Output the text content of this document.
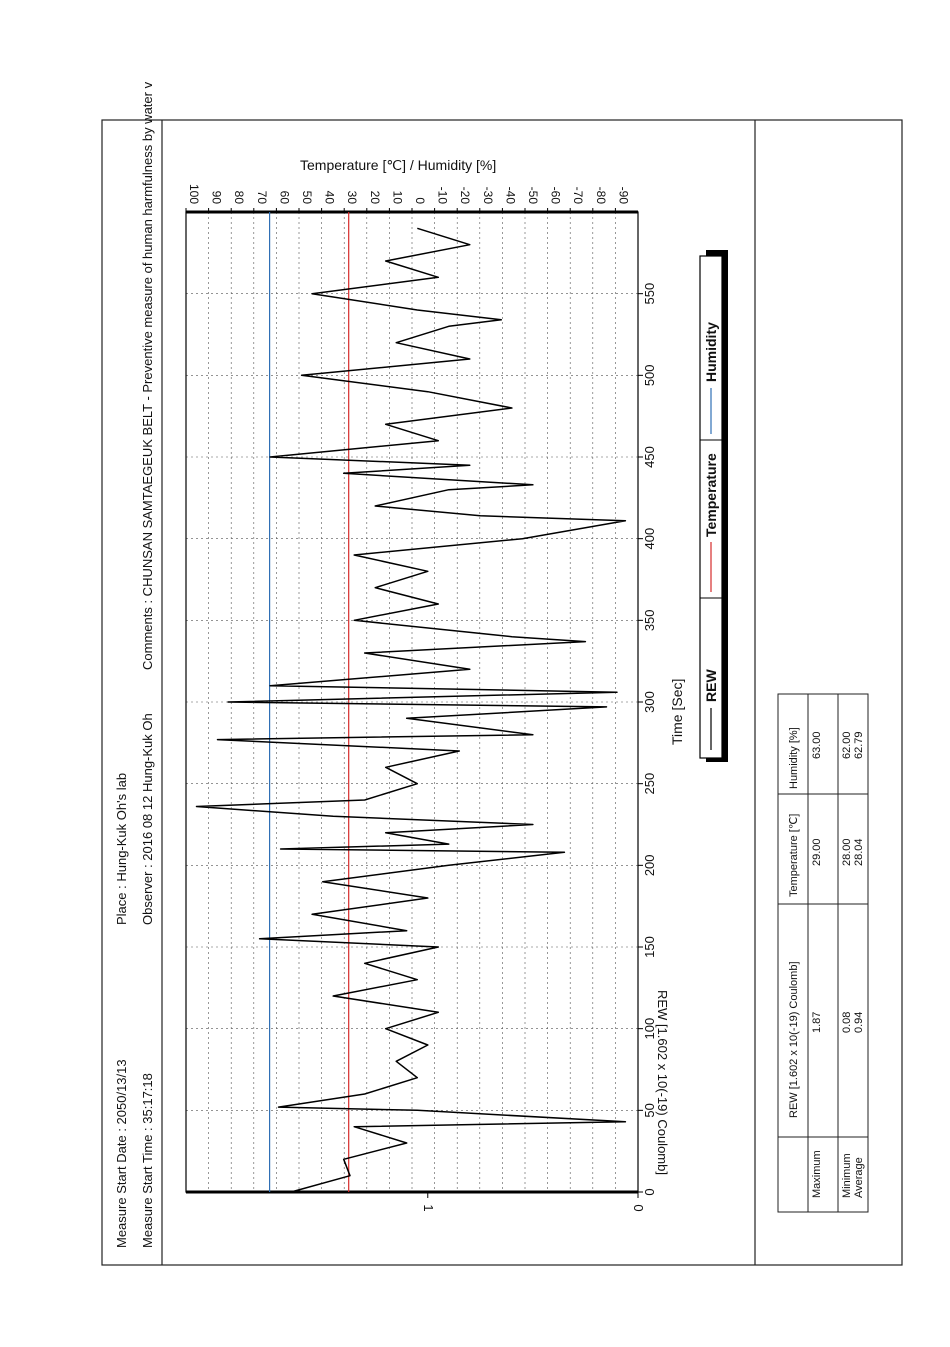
Measure Start Date : 2050/13/13 Measure Start Time : 35:17:18
Place : Hung-Kuk Oh's lab Observer : 2016 08 12 Hung-Kuk Oh
Comments : CHUNSAN SAMTAEGEUK BELT - Preventive measure of human harmfulness by water v
0
50
100
150
200
250
300
350
400
450
500
550
0
1
100 90 80 70 60 50 40 30 20 10 0 -10 -20 -30 -40 -50 -60 -70 -80 -90
Time [Sec]
REW [1.602 x 10(-19) Coulomb]
Temperature [℃] / Humidity [%]
REW
Temperature
Humidity
REW [1.602 x 10(-19) Coulomb]
Temperature [℃]
Humidity [%]
Maximum
1.87
29.00
63.00
Minimum
0.08
28.00
62.00
Average
0.94
28.04
62.79
